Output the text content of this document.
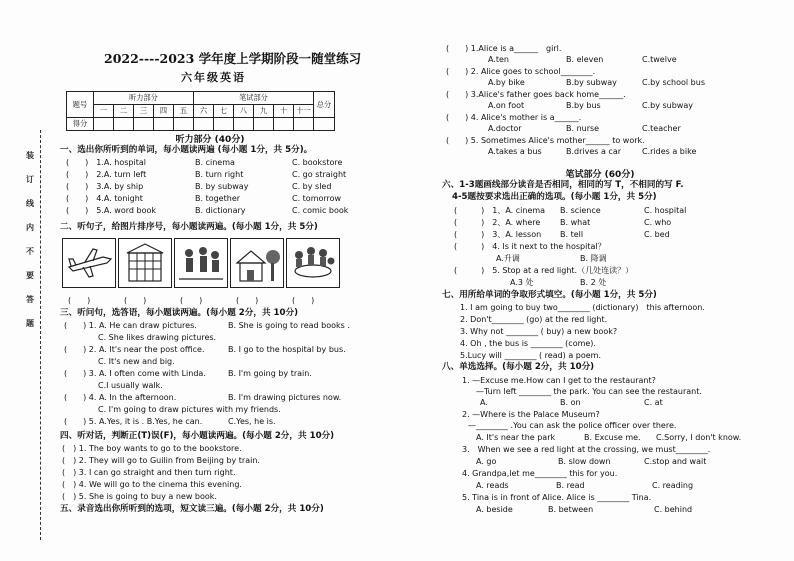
2022----2023 学年度上学期阶段一随堂练习
六年级英语
题号	听力部分					笔试部分						总分
	一	二	三	四	五	六	七	八	九	十	十一	
得分												
装

订

线

内

不

要

答

题
听力部分 (40分)
一、选出你所听到的单词，每小题读两遍 (每小题 1分，共 5分)。
(　　)　1.A. hospital	B. cinema	C. bookstore
(　　)　2.A. turn left	B. turn right	C. go straight
(　　)　3.A. by ship	B. by subway	C. by sled
(　　)　4.A. tonight	B. together	C. tomorrow
(　　)　5.A. word book	B. dictionary	C. comic book
二、听句子，给图片排序号，每小题读两遍。(每小题 1分，共 5分)
(　　)	(　　)	(　　)	(　　)	(　　)
三、听问句，选答语，每小题读两遍。(每小题 2分，共 10分)
(　　) 1. A. He can draw pictures.	B. She is going to read books .
C. She likes drawing pictures.
(　　) 2. A. It's near the post office.	B. I go to the hospital by bus.
C. It's new and big.
(　　) 3. A. I often come with Linda.	B. I'm going by train.
C.I usually walk.
(　　) 4. A. In the afternoon.	B. I'm drawing pictures now.
C. I'm going to draw pictures with my friends.
(　　) 5. A.Yes, it is . B.Yes, he can.	C.Yes, he is.
四、听对话，判断正(T)误(F)，每小题读两遍。(每小题 2分，共 10分)
(　) 1. The boy wants to go to the bookstore.
(　) 2. They will go to Guilin from Beijing by train.
(　) 3. I can go straight and then turn right.
(　) 4. We will go to the cinema this evening.
(　) 5. She is going to buy a new book.
五、录音选出你所听到的选项，短文读三遍。(每小题 2分，共 10分)
(　　) 1.Alice is a______　girl.
A.ten	B. eleven	C.twelve
(　　) 2. Alice goes to school________.
A.by bike	B.by subway	C.by school bus
(　　) 3.Alice's father goes back home______.
A.on foot	B.by bus	C.by subway
(　　) 4. Alice's mother is a______.
A.doctor	B. nurse	C.teacher
(　　) 5. Sometimes Alice's mother______ to work.
A.takes a bus	B.drives a car	C.rides a bike
笔试部分 (60分)
六、1-3题画线部分读音是否相同，相同的写 T，不相同的写 F.
4-5题按要求选出正确的选项。(每小题 1分，共 5分)
(　　　)　1、A. cinema B. science	C. hospital
(　　　)　2、A. where B. what	C. who
(　　　)　3、A. lesson B. tell	C. bed
(　　　)　4. Is it next to the hospital？
A.升调	B. 降调
(　　　)　5. Stop at a red light.（几处连读？）
A.3 处	B. 2 处
七、用所给单词的争取形式填空。(每小题 1分，共 5分)
1. I am going to buy two________ (dictionary)　this afternoon.
2. Don't________ (go) at the red light.
3. Why not ________ ( buy) a new book?
4. Oh , the bus is ________ (come).
5.Lucy will ________ ( read) a poem.
八、单选选择。(每小题 2分，共 10分)
1. —Excuse me.How can I get to the restaurant?
—Turn left ________ the park. You can see the restaurant.
A.	B. on	C. at
2. —Where is the Palace Museum?
—________ .You can ask the police officer over there.
A. It's near the park	B. Excuse me. C.Sorry, I don't know.
3.　When we see a red light at the crossing, we must________.
A. go	B. slow down	C.stop and wait
4. Grandpa,let me________ this for you.
A. reads	B. read	C. reading
5. Tina is in front of Alice. Alice is ________ Tina.
A. beside	B. between	C. behind
